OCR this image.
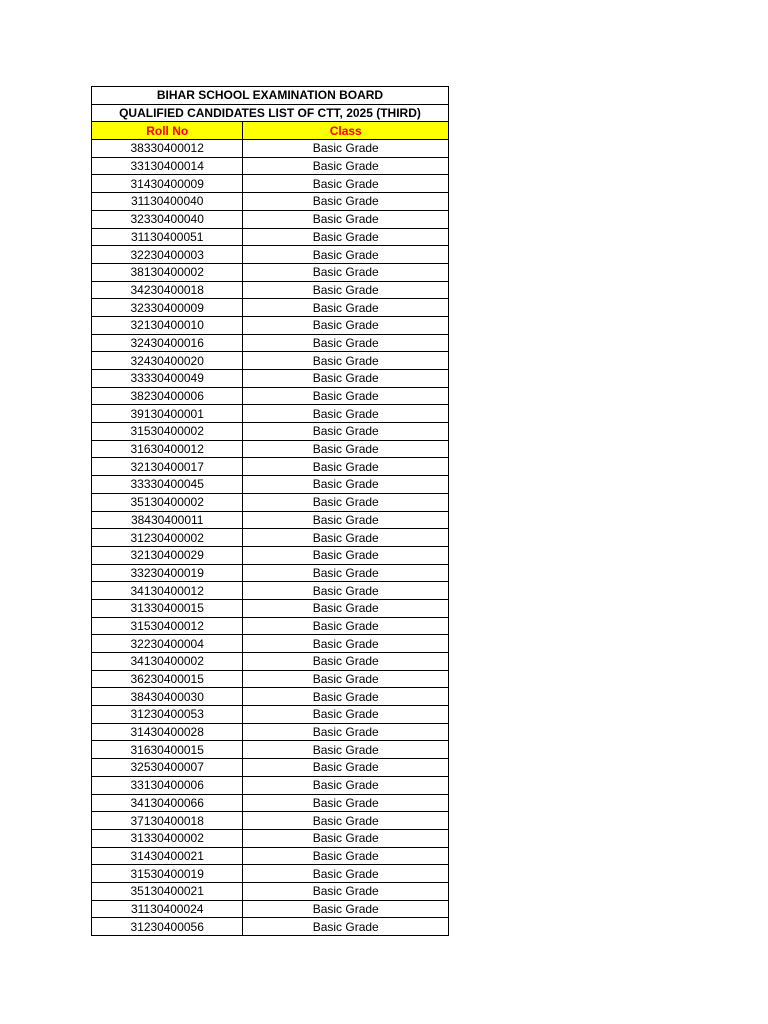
BIHAR SCHOOL EXAMINATION BOARD	
QUALIFIED CANDIDATES LIST OF CTT, 2025 (THIRD)	
Roll No	Class
38330400012	Basic Grade
33130400014	Basic Grade
31430400009	Basic Grade
31130400040	Basic Grade
32330400040	Basic Grade
31130400051	Basic Grade
32230400003	Basic Grade
38130400002	Basic Grade
34230400018	Basic Grade
32330400009	Basic Grade
32130400010	Basic Grade
32430400016	Basic Grade
32430400020	Basic Grade
33330400049	Basic Grade
38230400006	Basic Grade
39130400001	Basic Grade
31530400002	Basic Grade
31630400012	Basic Grade
32130400017	Basic Grade
33330400045	Basic Grade
35130400002	Basic Grade
38430400011	Basic Grade
31230400002	Basic Grade
32130400029	Basic Grade
33230400019	Basic Grade
34130400012	Basic Grade
31330400015	Basic Grade
31530400012	Basic Grade
32230400004	Basic Grade
34130400002	Basic Grade
36230400015	Basic Grade
38430400030	Basic Grade
31230400053	Basic Grade
31430400028	Basic Grade
31630400015	Basic Grade
32530400007	Basic Grade
33130400006	Basic Grade
34130400066	Basic Grade
37130400018	Basic Grade
31330400002	Basic Grade
31430400021	Basic Grade
31530400019	Basic Grade
35130400021	Basic Grade
31130400024	Basic Grade
31230400056	Basic Grade
